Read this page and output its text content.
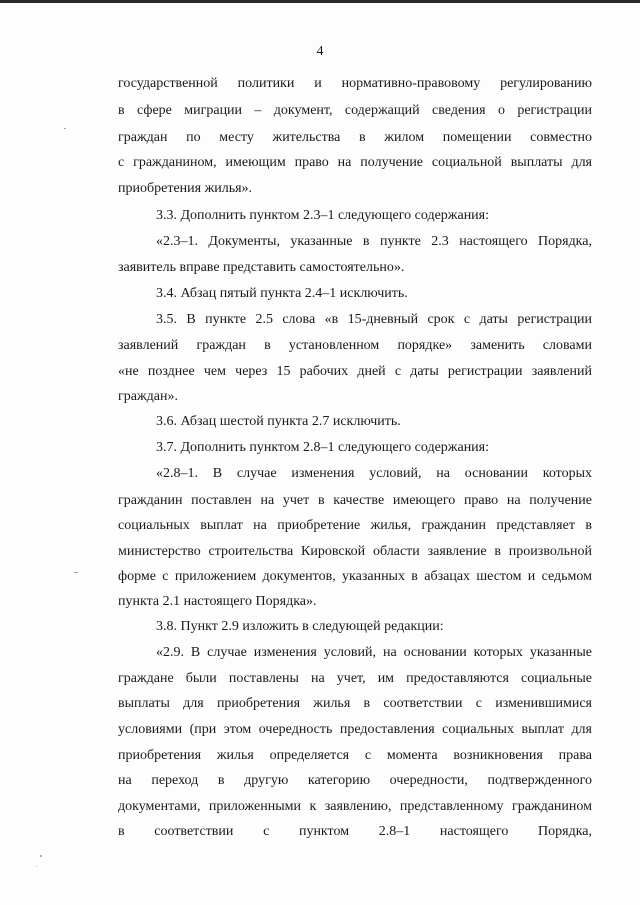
4
государственной политики и нормативно-правовому регулированию
в сфере миграции – документ, содержащий сведения о регистрации
граждан по месту жительства в жилом помещении совместно
с гражданином, имеющим право на получение социальной выплаты для
приобретения жилья».
3.3. Дополнить пунктом 2.3–1 следующего содержания:
«2.3–1. Документы, указанные в пункте 2.3 настоящего Порядка,
заявитель вправе представить самостоятельно».
3.4. Абзац пятый пункта 2.4–1 исключить.
3.5. В пункте 2.5 слова «в 15-дневный срок с даты регистрации
заявлений граждан в установленном порядке» заменить словами
«не позднее чем через 15 рабочих дней с даты регистрации заявлений
граждан».
3.6. Абзац шестой пункта 2.7 исключить.
3.7. Дополнить пунктом 2.8–1 следующего содержания:
«2.8–1. В случае изменения условий, на основании которых
гражданин поставлен на учет в качестве имеющего право на получение
социальных выплат на приобретение жилья, гражданин представляет в
министерство строительства Кировской области заявление в произвольной
форме с приложением документов, указанных в абзацах шестом и седьмом
пункта 2.1 настоящего Порядка».
3.8. Пункт 2.9 изложить в следующей редакции:
«2.9. В случае изменения условий, на основании которых указанные
граждане были поставлены на учет, им предоставляются социальные
выплаты для приобретения жилья в соответствии с изменившимися
условиями (при этом очередность предоставления социальных выплат для
приобретения жилья определяется с момента возникновения права
на переход в другую категорию очередности, подтвержденного
документами, приложенными к заявлению, представленному гражданином
в соответствии с пунктом 2.8–1 настоящего Порядка,
